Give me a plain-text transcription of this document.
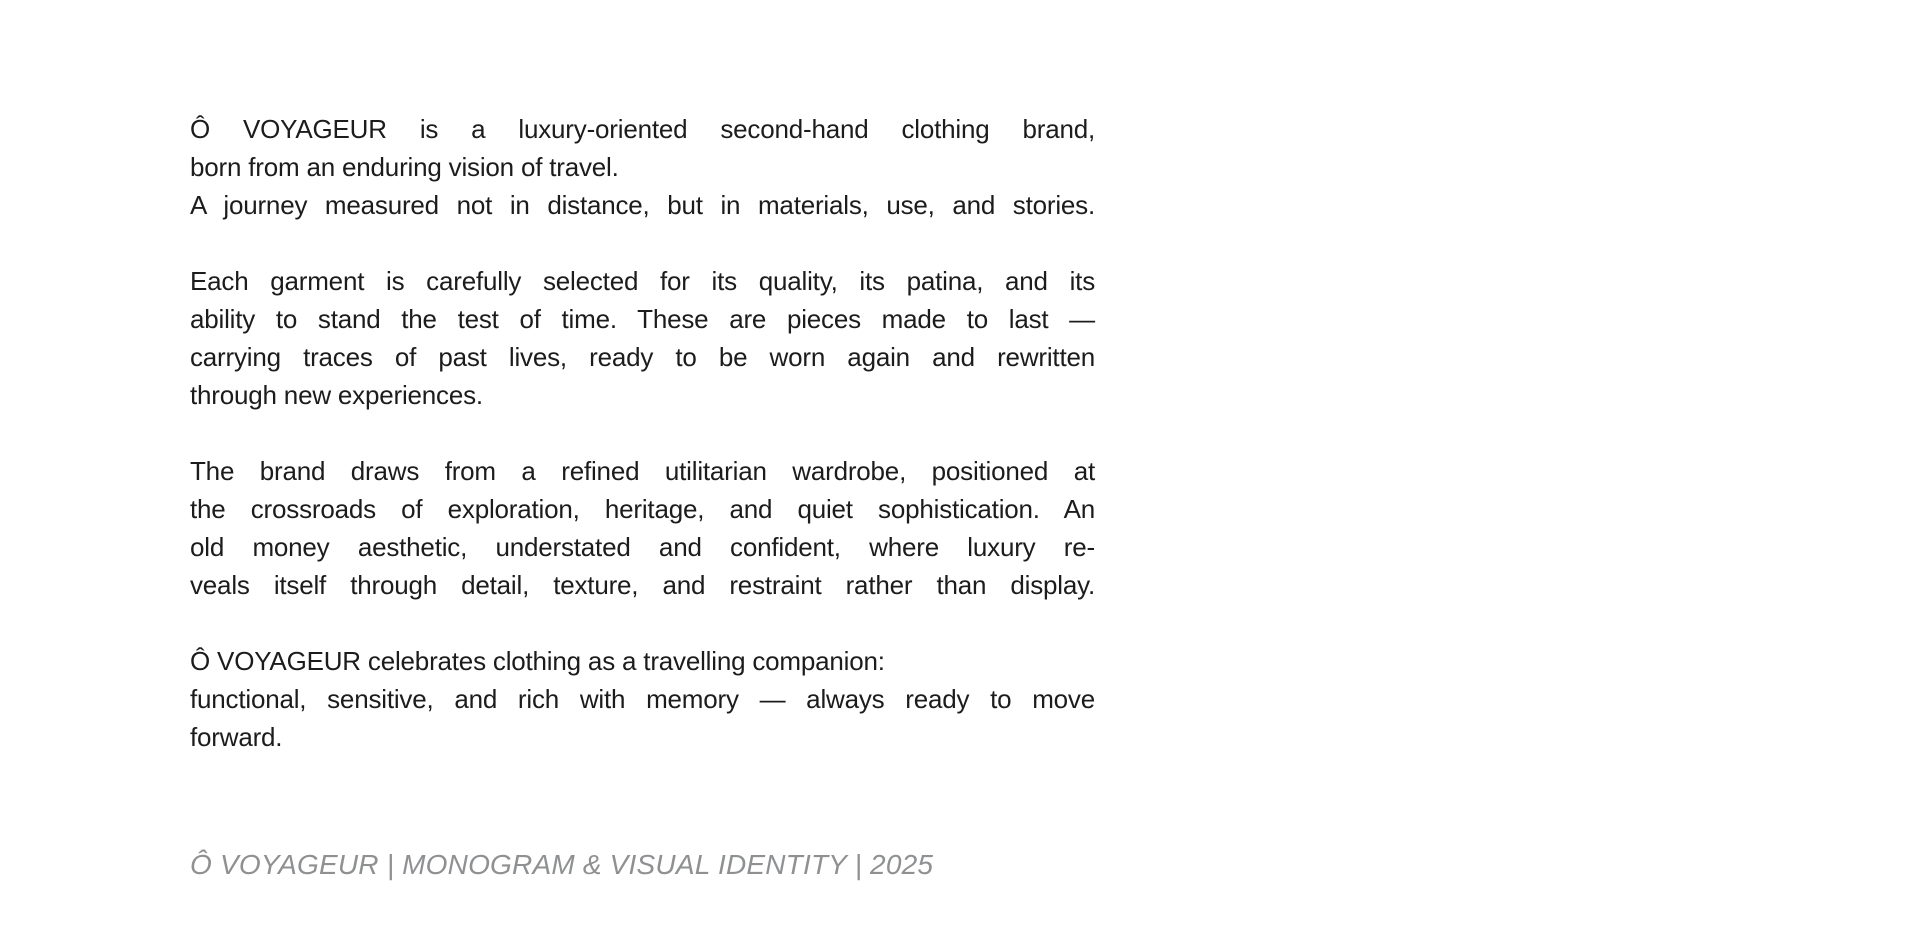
Ô VOYAGEUR is a luxury-oriented second-hand clothing brand,
born from an enduring vision of travel.
A journey measured not in distance, but in materials, use, and stories.

Each garment is carefully selected for its quality, its patina, and its
ability to stand the test of time. These are pieces made to last —
carrying traces of past lives, ready to be worn again and rewritten
through new experiences.

The brand draws from a refined utilitarian wardrobe, positioned at
the crossroads of exploration, heritage, and quiet sophistication. An
old money aesthetic, understated and confident, where luxury re-
veals itself through detail, texture, and restraint rather than display.

Ô VOYAGEUR celebrates clothing as a travelling companion:
functional, sensitive, and rich with memory — always ready to move
forward.

Ô VOYAGEUR | MONOGRAM & VISUAL IDENTITY | 2025
